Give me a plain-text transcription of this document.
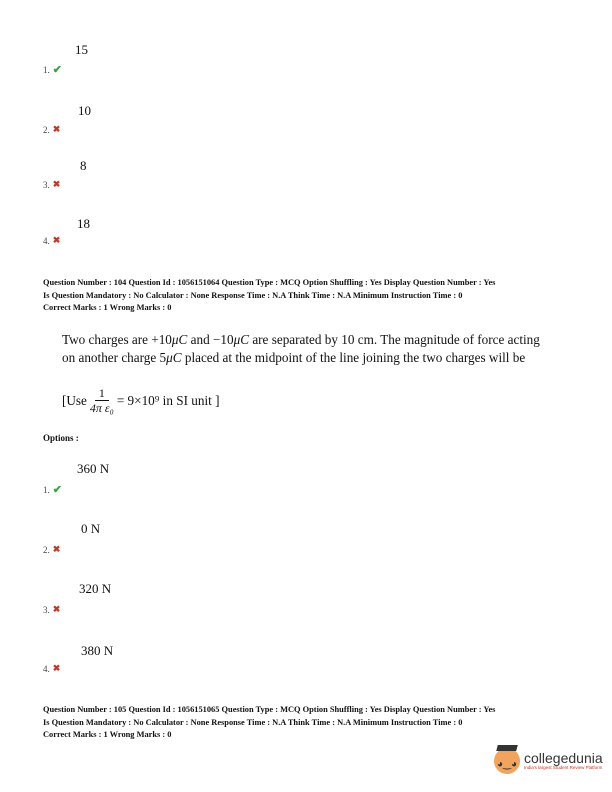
15
1. ✔
10
2. ✖
8
3. ✖
18
4. ✖
Question Number : 104 Question Id : 1056151064 Question Type : MCQ Option Shuffling : Yes Display Question Number : Yes
Is Question Mandatory : No Calculator : None Response Time : N.A Think Time : N.A Minimum Instruction Time : 0
Correct Marks : 1 Wrong Marks : 0
Two charges are +10μC and −10μC are separated by 10 cm. The magnitude of force acting on another charge 5μC placed at the midpoint of the line joining the two charges will be
[$Use \frac{1}{\text{4π ε₀}} = 9\times 10^9$ in SI unit ]
Options :
360 N
1. ✔
0 N
2. ✖
320 N
3. ✖
380 N
4. ✖
Question Number : 105 Question Id : 1056151065 Question Type : MCQ Option Shuffling : Yes Display Question Number : Yes
Is Question Mandatory : No Calculator : None Response Time : N.A Think Time : N.A Minimum Instruction Time : 0
Correct Marks : 1 Wrong Marks : 0
◕‿◕ collegedunia
India's largest Student Review Platform
